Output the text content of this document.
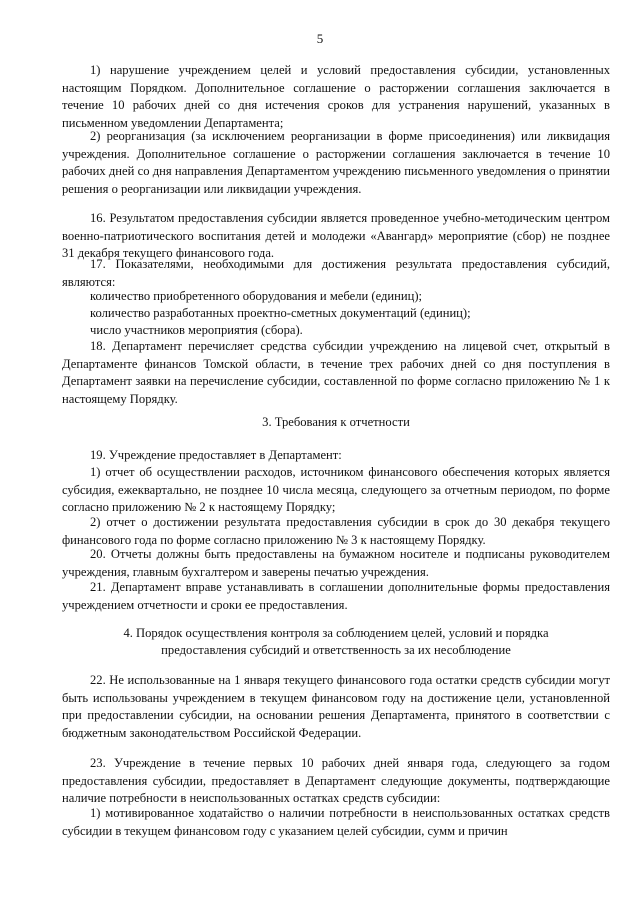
5

1) нарушение учреждением целей и условий предоставления субсидии, установленных настоящим Порядком. Дополнительное соглашение о расторжении соглашения заключается в течение 10 рабочих дней со дня истечения сроков для устранения нарушений, указанных в письменном уведомлении Департамента;

2) реорганизация (за исключением реорганизации в форме присоединения) или ликвидация учреждения. Дополнительное соглашение о расторжении соглашения заключается в течение 10 рабочих дней со дня направления Департаментом учреждению письменного уведомления о принятии решения о реорганизации или ликвидации учреждения.

16. Результатом предоставления субсидии является проведенное учебно-методическим центром военно-патриотического воспитания детей и молодежи «Авангард» мероприятие (сбор) не позднее 31 декабря текущего финансового года.

17. Показателями, необходимыми для достижения результата предоставления субсидий, являются:

количество приобретенного оборудования и мебели (единиц);

количество разработанных проектно-сметных документаций (единиц);

число участников мероприятия (сбора).

18. Департамент перечисляет средства субсидии учреждению на лицевой счет, открытый в Департаменте финансов Томской области, в течение трех рабочих дней со дня поступления в Департамент заявки на перечисление субсидии, составленной по форме согласно приложению № 1 к настоящему Порядку.

3. Требования к отчетности

19. Учреждение предоставляет в Департамент:

1) отчет об осуществлении расходов, источником финансового обеспечения которых является субсидия, ежеквартально, не позднее 10 числа месяца, следующего за отчетным периодом, по форме согласно приложению № 2 к настоящему Порядку;

2) отчет о достижении результата предоставления субсидии в срок до 30 декабря текущего финансового года по форме согласно приложению № 3 к настоящему Порядку.

20. Отчеты должны быть предоставлены на бумажном носителе и подписаны руководителем учреждения, главным бухгалтером и заверены печатью учреждения.

21. Департамент вправе устанавливать в соглашении дополнительные формы предоставления учреждением отчетности и сроки ее предоставления.

4. Порядок осуществления контроля за соблюдением целей, условий и порядка

предоставления субсидий и ответственность за их несоблюдение

22. Не использованные на 1 января текущего финансового года остатки средств субсидии могут быть использованы учреждением в текущем финансовом году на достижение цели, установленной при предоставлении субсидии, на основании решения Департамента, принятого в соответствии с бюджетным законодательством Российской Федерации.

23. Учреждение в течение первых 10 рабочих дней января года, следующего за годом предоставления субсидии, предоставляет в Департамент следующие документы, подтверждающие наличие потребности в неиспользованных остатках средств субсидии:

1) мотивированное ходатайство о наличии потребности в неиспользованных остатках средств субсидии в текущем финансовом году с указанием целей субсидии, сумм и причин
